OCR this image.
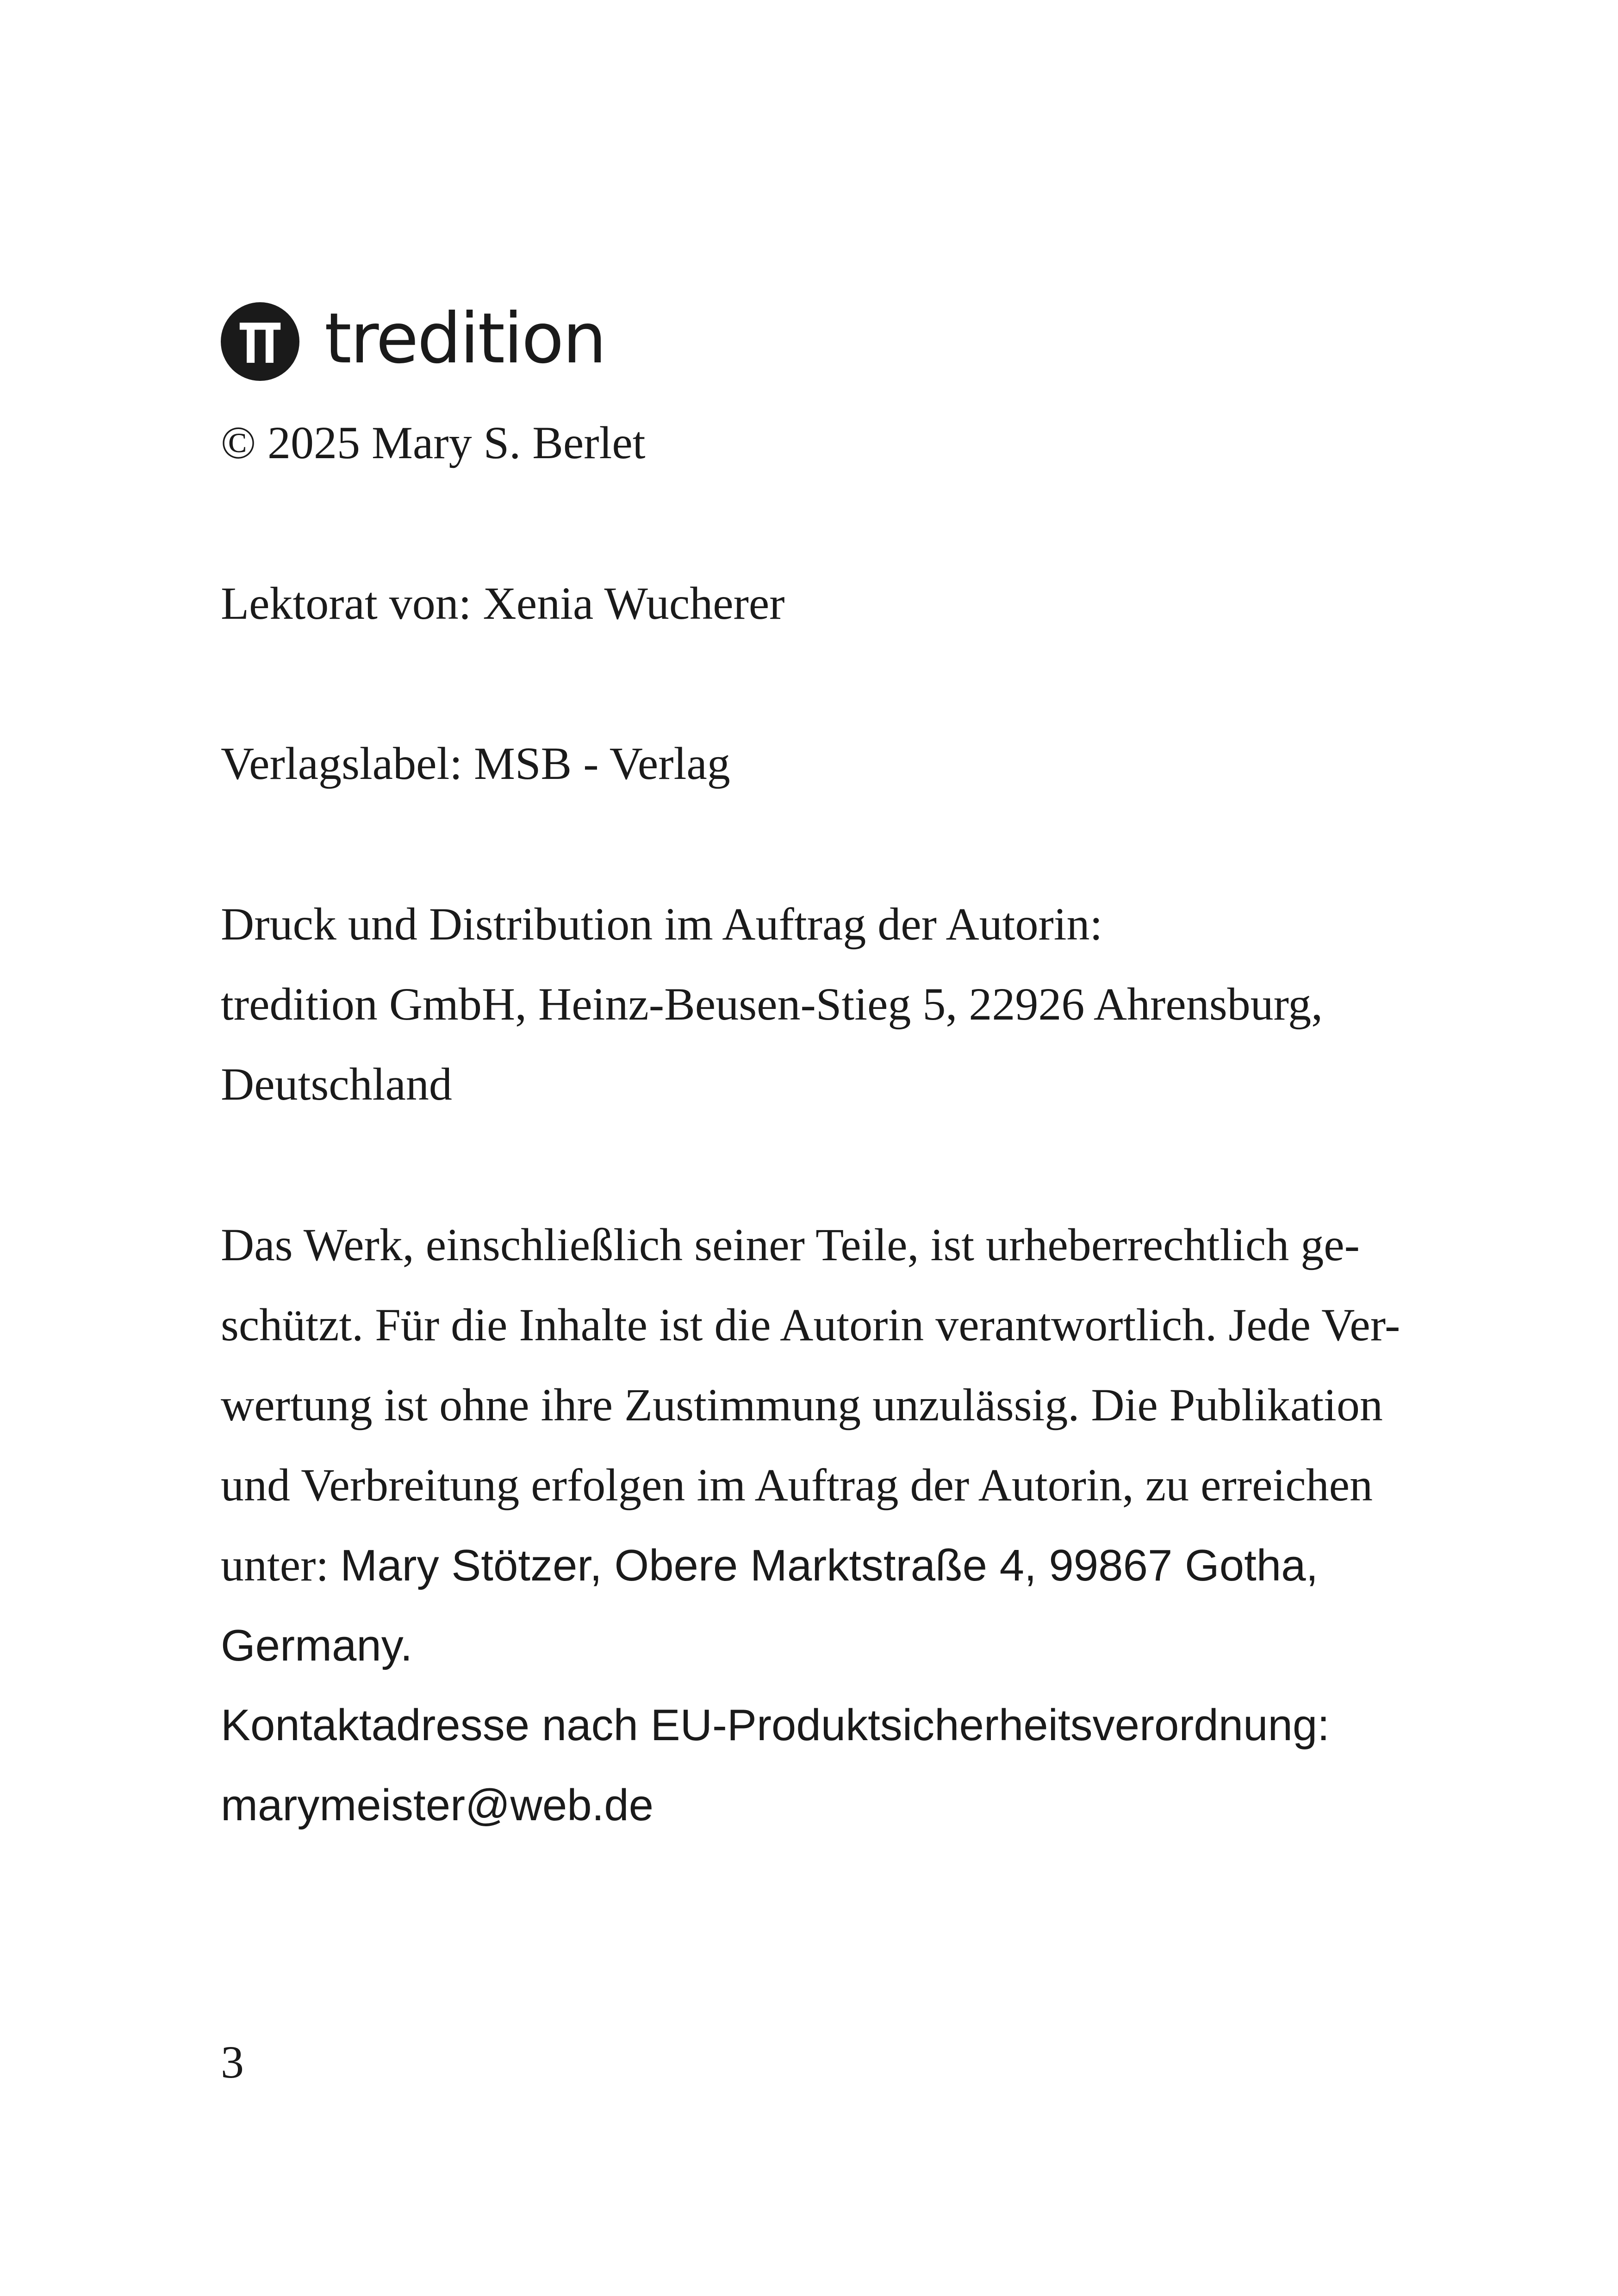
tredition
© 2025 Mary S. Berlet
Lektorat von: Xenia Wucherer
Verlagslabel: MSB - Verlag
Druck und Distribution im Auftrag der Autorin:
tredition GmbH, Heinz-Beusen-Stieg 5, 22926 Ahrensburg,
Deutschland
Das Werk, einschließlich seiner Teile, ist urheberrechtlich ge-
schützt. Für die Inhalte ist die Autorin verantwortlich. Jede Ver-
wertung ist ohne ihre Zustimmung unzulässig. Die Publikation
und Verbreitung erfolgen im Auftrag der Autorin, zu erreichen
unter: Mary Stötzer, Obere Marktstraße 4, 99867 Gotha,
Germany.
Kontaktadresse nach EU-Produktsicherheitsverordnung:
marymeister@web.de
3
